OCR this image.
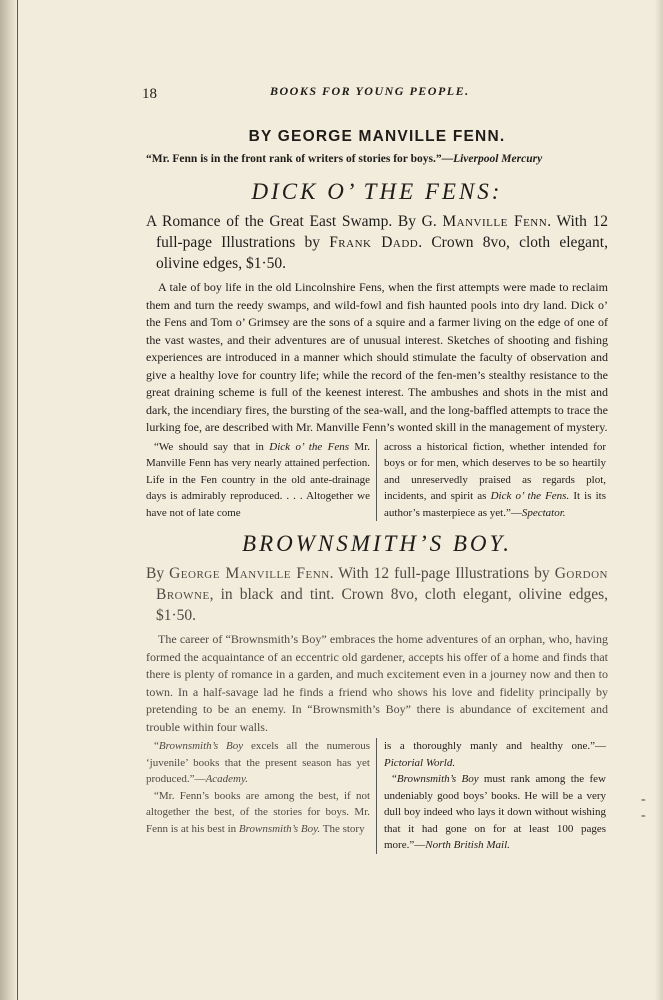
- -
18	BOOKS FOR YOUNG PEOPLE.
BY GEORGE MANVILLE FENN.
“Mr. Fenn is in the front rank of writers of stories for boys.”—Liverpool Mercury
DICK O’ THE FENS:
A Romance of the Great East Swamp. By G. Manville Fenn. With 12 full-page Illustrations by Frank Dadd. Crown 8vo, cloth elegant, olivine edges, $1·50.
A tale of boy life in the old Lincolnshire Fens, when the first attempts were made to reclaim them and turn the reedy swamps, and wild-fowl and fish haunted pools into dry land. Dick o’ the Fens and Tom o’ Grimsey are the sons of a squire and a farmer living on the edge of one of the vast wastes, and their adventures are of unusual interest. Sketches of shooting and fishing experiences are introduced in a manner which should stimulate the faculty of observation and give a healthy love for country life; while the record of the fen-men’s stealthy resistance to the great draining scheme is full of the keenest interest. The ambushes and shots in the mist and dark, the incendiary fires, the bursting of the sea-wall, and the long-baffled attempts to trace the lurking foe, are described with Mr. Manville Fenn’s wonted skill in the management of mystery.

“We should say that in Dick o’ the Fens Mr. Manville Fenn has very nearly attained perfection. Life in the Fen country in the old ante-drainage days is admirably reproduced. . . . Altogether we have not of late come

across a historical fiction, whether intended for boys or for men, which deserves to be so heartily and unreservedly praised as regards plot, incidents, and spirit as Dick o’ the Fens. It is its author’s masterpiece as yet.”—Spectator.

BROWNSMITH’S BOY.
By George Manville Fenn. With 12 full-page Illustrations by Gordon Browne, in black and tint. Crown 8vo, cloth elegant, olivine edges, $1·50.
The career of “Brownsmith’s Boy” embraces the home adventures of an orphan, who, having formed the acquaintance of an eccentric old gardener, accepts his offer of a home and finds that there is plenty of romance in a garden, and much excitement even in a journey now and then to town. In a half-savage lad he finds a friend who shows his love and fidelity principally by pretending to be an enemy. In “Brownsmith’s Boy” there is abundance of excitement and trouble within four walls.

“Brownsmith’s Boy excels all the numerous ‘juvenile’ books that the present season has yet produced.”—Academy.

“Mr. Fenn’s books are among the best, if not altogether the best, of the stories for boys. Mr. Fenn is at his best in Brownsmith’s Boy. The story

is a thoroughly manly and healthy one.”—Pictorial World.

“Brownsmith’s Boy must rank among the few undeniably good boys’ books. He will be a very dull boy indeed who lays it down without wishing that it had gone on for at least 100 pages more.”—North British Mail.
